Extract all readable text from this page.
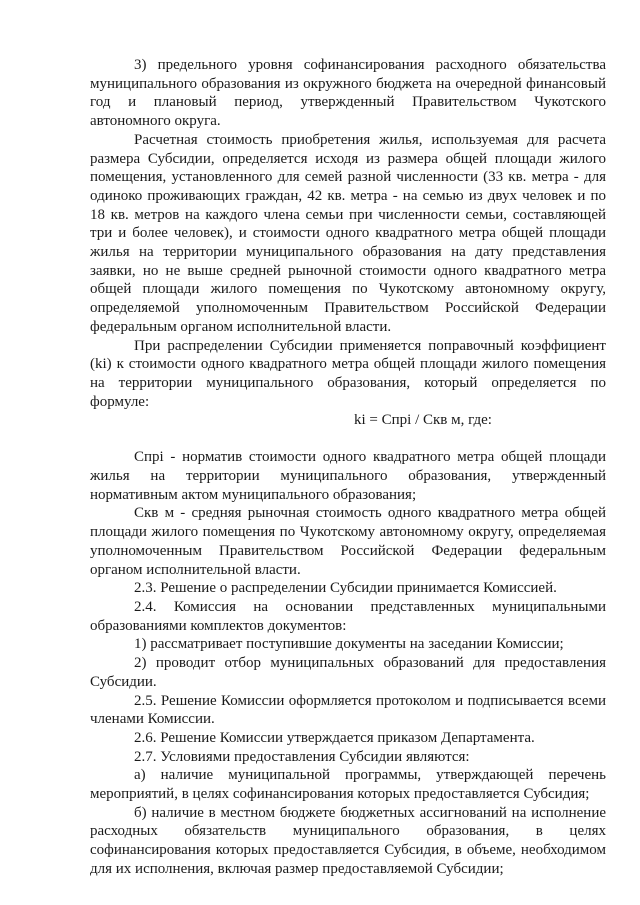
3) предельного уровня софинансирования расходного обязательства муниципального образования из окружного бюджета на очередной финансовый год и плановый период, утвержденный Правительством Чукотского автономного округа.

Расчетная стоимость приобретения жилья, используемая для расчета размера Субсидии, определяется исходя из размера общей площади жилого помещения, установленного для семей разной численности (33 кв. метра - для одиноко проживающих граждан, 42 кв. метра - на семью из двух человек и по 18 кв. метров на каждого члена семьи при численности семьи, составляющей три и более человек), и стоимости одного квадратного метра общей площади жилья на территории муниципального образования на дату представления заявки, но не выше средней рыночной стоимости одного квадратного метра общей площади жилого помещения по Чукотскому автономному округу, определяемой уполномоченным Правительством Российской Федерации федеральным органом исполнительной власти.

При распределении Субсидии применяется поправочный коэффициент (ki) к стоимости одного квадратного метра общей площади жилого помещения на территории муниципального образования, который определяется по формуле:

ki = Cпрi / Cкв м, где:

Cпрi - норматив стоимости одного квадратного метра общей площади жилья на территории муниципального образования, утвержденный нормативным актом муниципального образования;

Cкв м - средняя рыночная стоимость одного квадратного метра общей площади жилого помещения по Чукотскому автономному округу, определяемая уполномоченным Правительством Российской Федерации федеральным органом исполнительной власти.

2.3. Решение о распределении Субсидии принимается Комиссией.

2.4. Комиссия на основании представленных муниципальными образованиями комплектов документов:

1) рассматривает поступившие документы на заседании Комиссии;

2) проводит отбор муниципальных образований для предоставления Субсидии.

2.5. Решение Комиссии оформляется протоколом и подписывается всеми членами Комиссии.

2.6. Решение Комиссии утверждается приказом Департамента.

2.7. Условиями предоставления Субсидии являются:

а) наличие муниципальной программы, утверждающей перечень мероприятий, в целях софинансирования которых предоставляется Субсидия;

б) наличие в местном бюджете бюджетных ассигнований на исполнение расходных обязательств муниципального образования, в целях софинансирования которых предоставляется Субсидия, в объеме, необходимом для их исполнения, включая размер предоставляемой Субсидии;
